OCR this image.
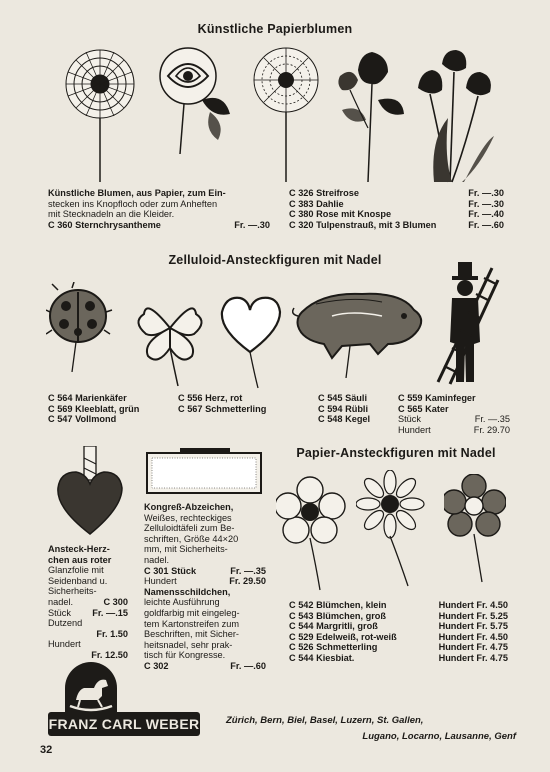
Künstliche Papierblumen
Künstliche Blumen, aus Papier, zum Ein-
stecken ins Knopfloch oder zum Anheften
mit Stecknadeln an die Kleider.
C 360 Sternchrysantheme	Fr. —.30
C 326 Streifrose	Fr. —.30
C 383 Dahlie	Fr. —.30
C 380 Rose mit Knospe	Fr. —.40
C 320 Tulpenstrauß, mit 3 Blumen	Fr. —.60
Zelluloid-Ansteckfiguren mit Nadel
C 564 Marienkäfer
C 569 Kleeblatt, grün
C 547 Vollmond
C 556 Herz, rot
C 567 Schmetterling
C 545 Säuli
C 594 Rübli
C 548 Kegel
C 559 Kaminfeger
C 565 Kater
Stück	Fr. —.35
Hundert	Fr. 29.70
Ansteck-Herz-
chen aus roter
Glanzfolie mit
Seidenband u.
Sicherheits-
nadel.	C 300
Stück Fr. —.15
Dutzend
Fr. 1.50
Hundert
Fr. 12.50
Kongreß-Abzeichen,
Weißes, rechteckiges
Zelluloidtäfeli zum Be-
schriften, Größe 44×20
mm, mit Sicherheits-
nadel.
C 301 Stück	Fr. —.35
Hundert	Fr. 29.50
Namensschildchen,
leichte Ausführung
goldfarbig mit eingeleg-
tem Kartonstreifen zum
Beschriften, mit Sicher-
heitsnadel, sehr prak-
tisch für Kongresse.
C 302	Fr. —.60
Papier-Ansteckfiguren mit Nadel
C 542 Blümchen, klein	Hundert Fr. 4.50
C 543 Blümchen, groß	Hundert Fr. 5.25
C 544 Margritli, groß	Hundert Fr. 5.75
C 529 Edelweiß, rot-weiß	Hundert Fr. 4.50
C 526 Schmetterling	Hundert Fr. 4.75
C 544 Kiesbiat.	Hundert Fr. 4.75
FRANZ CARL WEBER	Zürich, Bern, Biel, Basel, Luzern, St. Gallen,
Lugano, Locarno, Lausanne, Genf
32
